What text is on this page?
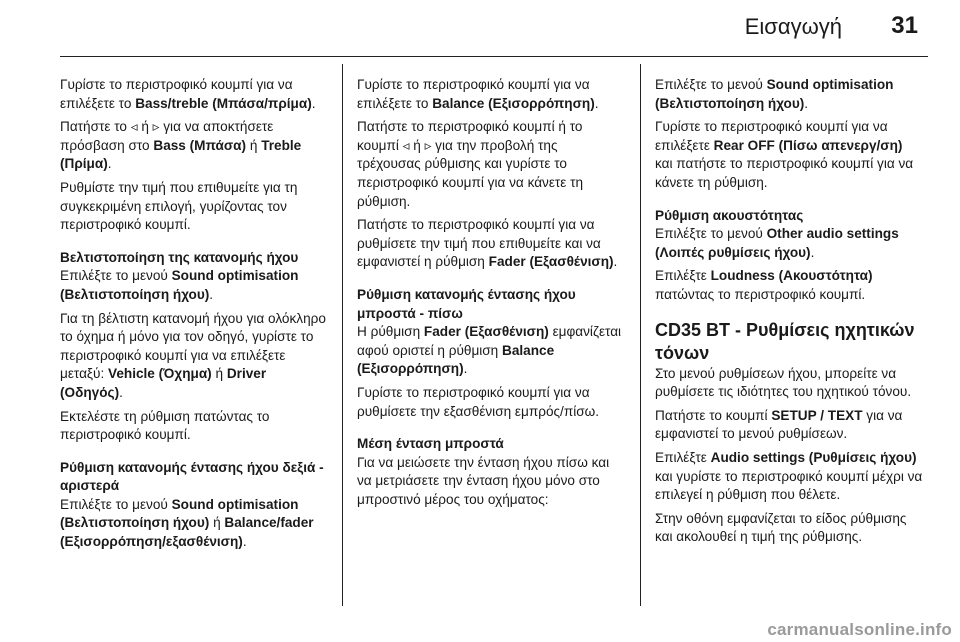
Εισαγωγή 31

Γυρίστε το περιστροφικό κουμπί για να επιλέξετε το Bass/treble (Μπάσα/πρίμα).

Πατήστε το ◃ ή ▹ για να αποκτήσετε πρόσβαση στο Bass (Μπάσα) ή Treble (Πρίμα).

Ρυθμίστε την τιμή που επιθυμείτε για τη συγκεκριμένη επιλογή, γυρίζοντας τον περιστροφικό κουμπί.

Βελτιστοποίηση της κατανομής ήχου

Επιλέξτε το μενού Sound optimisation (Βελτιστοποίηση ήχου).

Για τη βέλτιστη κατανομή ήχου για ολόκληρο το όχημα ή μόνο για τον οδηγό, γυρίστε το περιστροφικό κουμπί για να επιλέξετε μεταξύ: Vehicle (Όχημα) ή Driver (Οδηγός).

Εκτελέστε τη ρύθμιση πατώντας το περιστροφικό κουμπί.

Ρύθμιση κατανομής έντασης ήχου δεξιά - αριστερά

Επιλέξτε το μενού Sound optimisation (Βελτιστοποίηση ήχου) ή Balance/fader (Εξισορρόπηση/εξασθένιση).

Γυρίστε το περιστροφικό κουμπί για να επιλέξετε το Balance (Εξισορρόπηση).

Πατήστε το περιστροφικό κουμπί ή το κουμπί ◃ ή ▹ για την προβολή της τρέχουσας ρύθμισης και γυρίστε το περιστροφικό κουμπί για να κάνετε τη ρύθμιση.

Πατήστε το περιστροφικό κουμπί για να ρυθμίσετε την τιμή που επιθυμείτε και να εμφανιστεί η ρύθμιση Fader (Εξασθένιση).

Ρύθμιση κατανομής έντασης ήχου μπροστά - πίσω

Η ρύθμιση Fader (Εξασθένιση) εμφανίζεται αφού οριστεί η ρύθμιση Balance (Εξισορρόπηση).

Γυρίστε το περιστροφικό κουμπί για να ρυθμίσετε την εξασθένιση εμπρός/πίσω.

Μέση ένταση μπροστά

Για να μειώσετε την ένταση ήχου πίσω και να μετριάσετε την ένταση ήχου μόνο στο μπροστινό μέρος του οχήματος:

Επιλέξτε το μενού Sound optimisation (Βελτιστοποίηση ήχου).

Γυρίστε το περιστροφικό κουμπί για να επιλέξετε Rear OFF (Πίσω απενεργ/ση) και πατήστε το περιστροφικό κουμπί για να κάνετε τη ρύθμιση.

Ρύθμιση ακουστότητας

Επιλέξτε το μενού Other audio settings (Λοιπές ρυθμίσεις ήχου).

Επιλέξτε Loudness (Ακουστότητα) πατώντας το περιστροφικό κουμπί.

CD35 BT - Ρυθμίσεις ηχητικών τόνων

Στο μενού ρυθμίσεων ήχου, μπορείτε να ρυθμίσετε τις ιδιότητες του ηχητικού τόνου.

Πατήστε το κουμπί SETUP / TEXT για να εμφανιστεί το μενού ρυθμίσεων.

Επιλέξτε Audio settings (Ρυθμίσεις ήχου) και γυρίστε το περιστροφικό κουμπί μέχρι να επιλεγεί η ρύθμιση που θέλετε.

Στην οθόνη εμφανίζεται το είδος ρύθμισης και ακολουθεί η τιμή της ρύθμισης.

carmanualsonline.info
